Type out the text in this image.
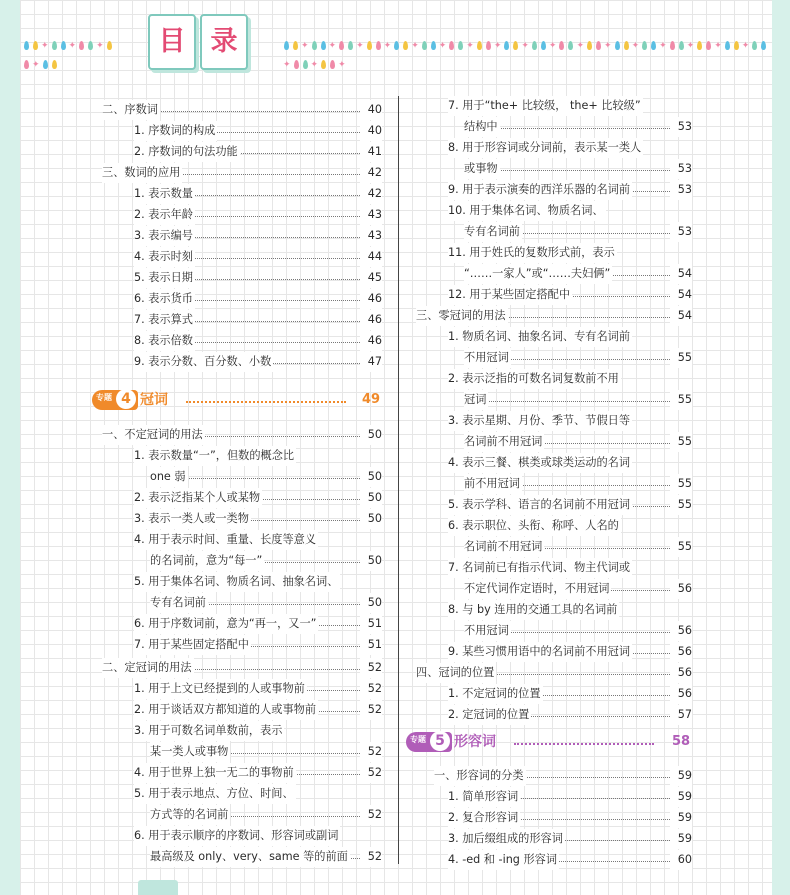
✦ ✦ ✦✦
✦ ✦ ✦ ✦ ✦ ✦ ✦ ✦ ✦ ✦ ✦ ✦ ✦ ✦ ✦ ✦ ✦✦ ✦ ✦
目 录
二、序数词	40
1. 序数词的构成	40
2. 序数词的句法功能	41
三、数词的应用	42
1. 表示数量	42
2. 表示年龄	43
3. 表示编号	43
4. 表示时刻	44
5. 表示日期	45
6. 表示货币	46
7. 表示算式	46
8. 表示倍数	46
9. 表示分数、百分数、小数	47
一、不定冠词的用法	50
1. 表示数量“一”，但数的概念比
one 弱	50
2. 表示泛指某个人或某物	50
3. 表示一类人或一类物	50
4. 用于表示时间、重量、长度等意义
的名词前，意为“每一”	50
5. 用于集体名词、物质名词、抽象名词、
专有名词前	50
6. 用于序数词前，意为“再一，又一”	51
7. 用于某些固定搭配中	51
二、定冠词的用法	52
1. 用于上文已经提到的人或事物前	52
2. 用于谈话双方都知道的人或事物前	52
3. 用于可数名词单数前，表示
某一类人或事物	52
4. 用于世界上独一无二的事物前	52
5. 用于表示地点、方位、时间、
方式等的名词前	52
6. 用于表示顺序的序数词、形容词或副词
最高级及 only、very、same 等的前面	52
7. 用于“the+ 比较级， the+ 比较级”
结构中	53
8. 用于形容词或分词前，表示某一类人
或事物	53
9. 用于表示演奏的西洋乐器的名词前	53
10. 用于集体名词、物质名词、
专有名词前	53
11. 用于姓氏的复数形式前，表示
“……一家人”或“……夫妇俩”	54
12. 用于某些固定搭配中	54
三、零冠词的用法	54
1. 物质名词、抽象名词、专有名词前
不用冠词	55
2. 表示泛指的可数名词复数前不用
冠词	55
3. 表示星期、月份、季节、节假日等
名词前不用冠词	55
4. 表示三餐、棋类或球类运动的名词
前不用冠词	55
5. 表示学科、语言的名词前不用冠词	55
6. 表示职位、头衔、称呼、人名的
名词前不用冠词	55
7. 名词前已有指示代词、物主代词或
不定代词作定语时，不用冠词	56
8. 与 by 连用的交通工具的名词前
不用冠词	56
9. 某些习惯用语中的名词前不用冠词	56
四、冠词的位置	56
1. 不定冠词的位置	56
2. 定冠词的位置	57
一、形容词的分类	59
1. 简单形容词	59
2. 复合形容词	59
3. 加后缀组成的形容词	59
4. -ed 和 -ing 形容词	60
专题 4 冠词	49
专题 5 形容词	58
